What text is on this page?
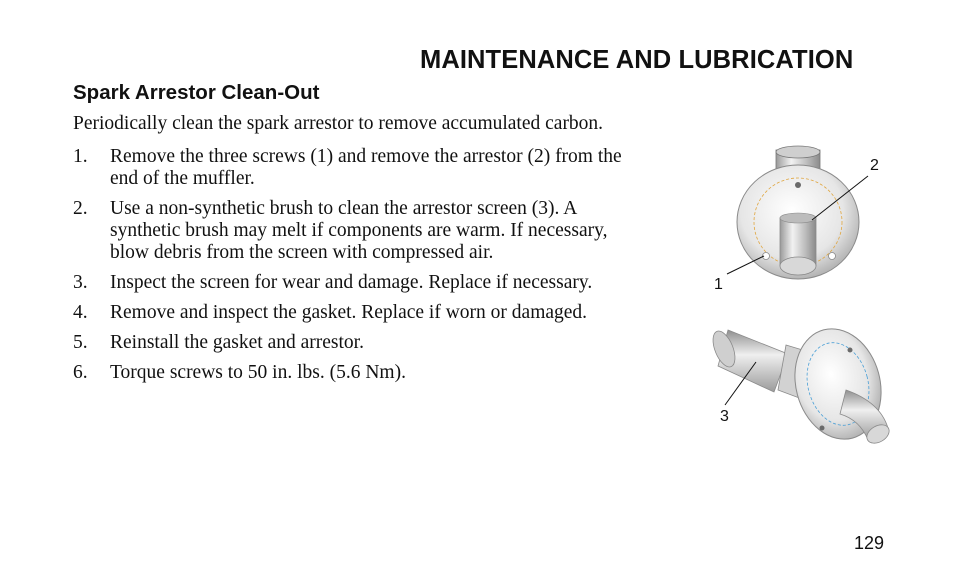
MAINTENANCE AND LUBRICATION
Spark Arrestor Clean-Out

Periodically clean the spark arrestor to remove accumulated carbon.

1. Remove the three screws (1) and remove the arrestor (2) from the end of the muffler.
2. Use a non-synthetic brush to clean the arrestor screen (3). A synthetic brush may melt if components are warm. If necessary, blow debris from the screen with compressed air.
3. Inspect the screen for wear and damage. Replace if necessary.
4. Remove and inspect the gasket. Replace if worn or damaged.
5. Reinstall the gasket and arrestor.
6. Torque screws to 50 in. lbs. (5.6 Nm).
1
2
3

129
